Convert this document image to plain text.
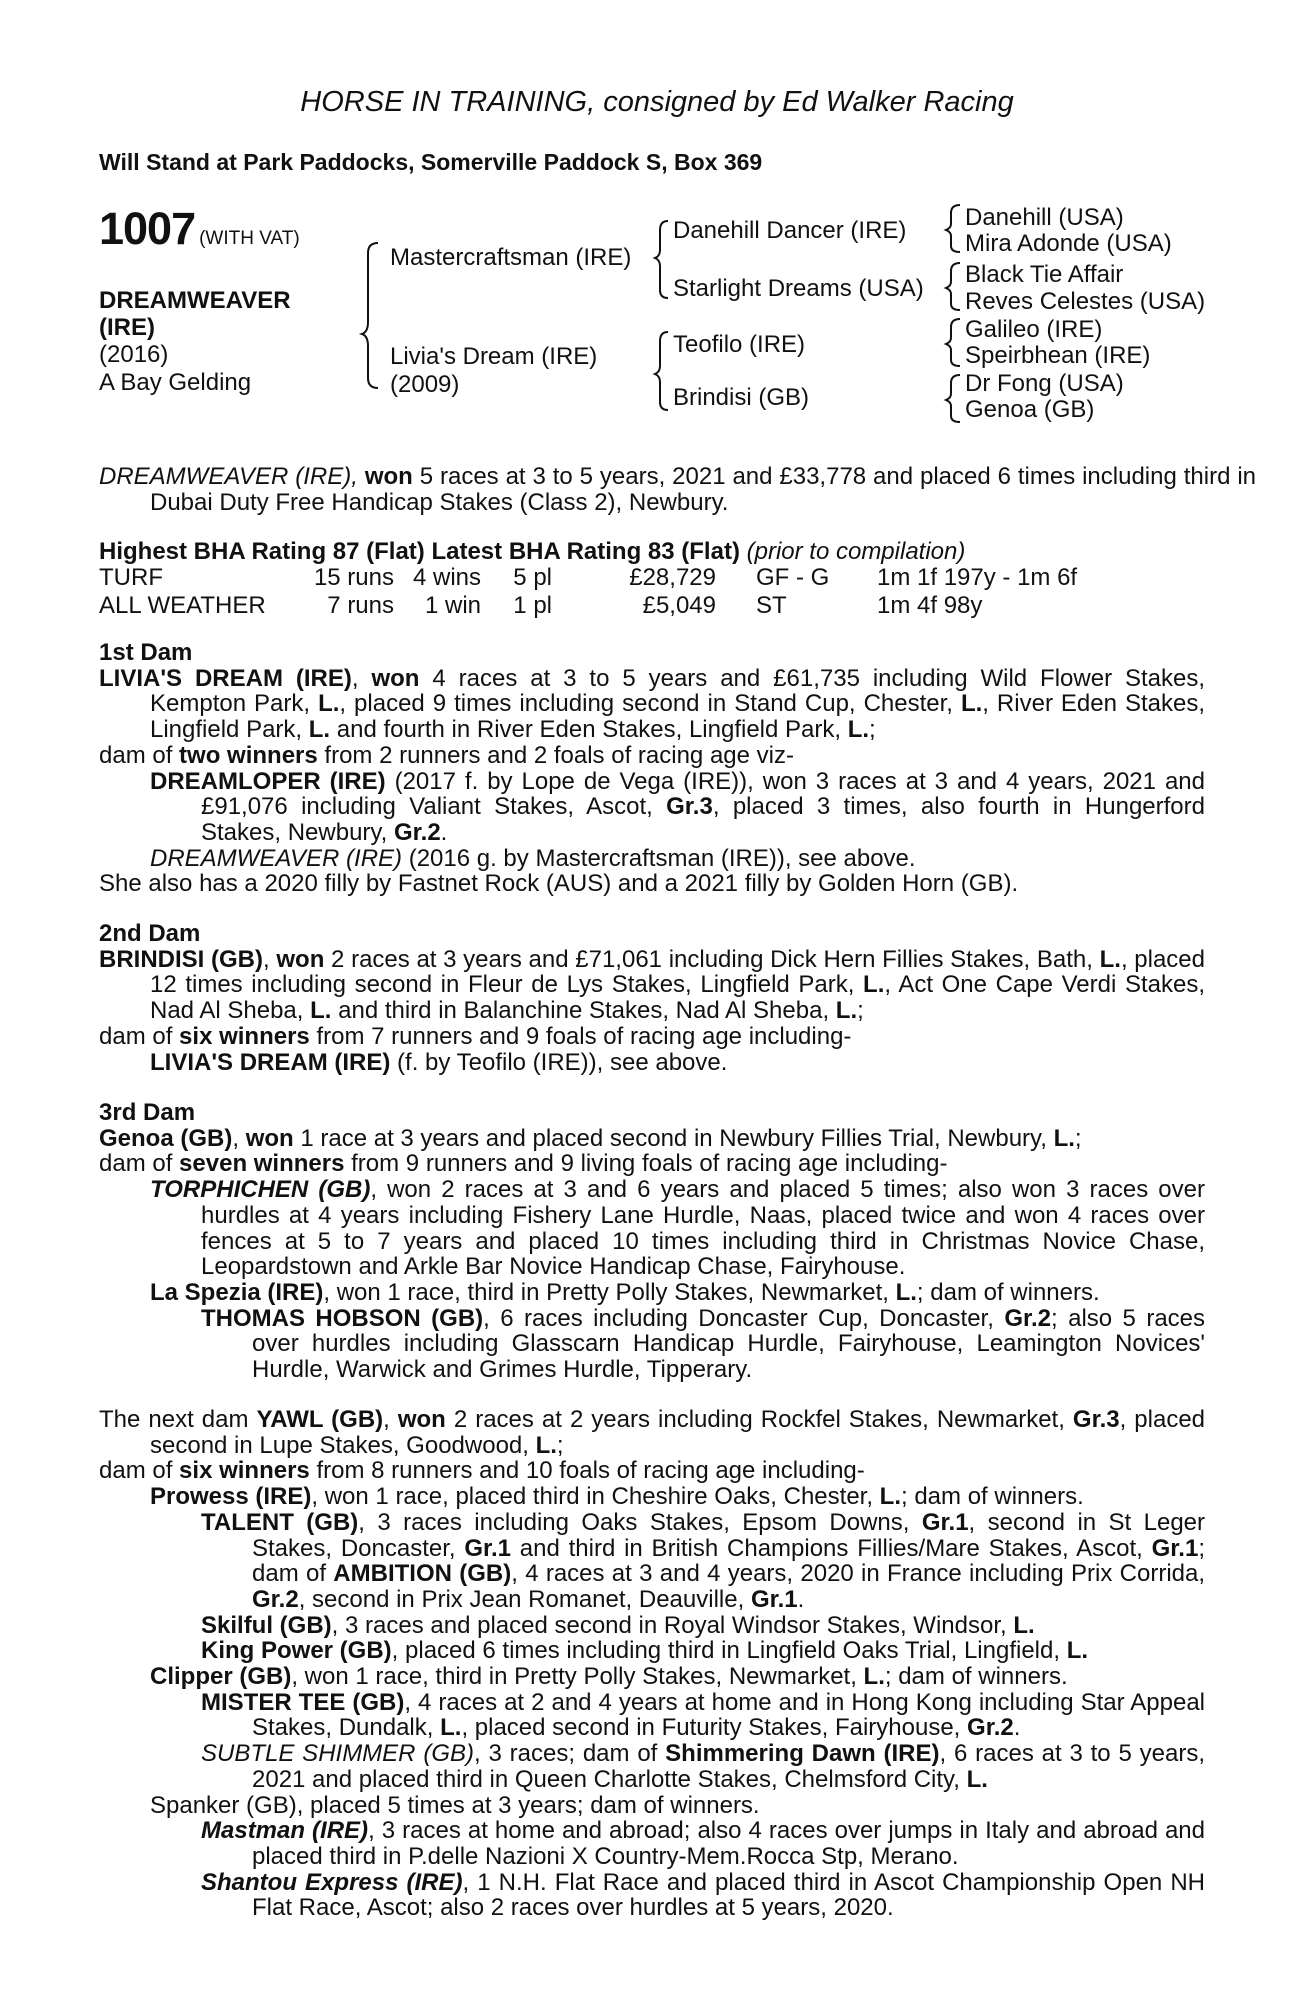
HORSE IN TRAINING, consigned by Ed Walker Racing
Will Stand at Park Paddocks, Somerville Paddock S, Box 369
1007 (WITH VAT)
DREAMWEAVER
(IRE)
(2016)
A Bay Gelding
Mastercraftsman (IRE)
Livia's Dream (IRE)
(2009)
Danehill Dancer (IRE)
Starlight Dreams (USA)
Teofilo (IRE)
Brindisi (GB)
Danehill (USA)
Mira Adonde (USA)
Black Tie Affair
Reves Celestes (USA)
Galileo (IRE)
Speirbhean (IRE)
Dr Fong (USA)
Genoa (GB)
DREAMWEAVER (IRE), won 5 races at 3 to 5 years, 2021 and £33,778 and placed 6 times including third in Dubai Duty Free Handicap Stakes (Class 2), Newbury.
Highest BHA Rating 87 (Flat) Latest BHA Rating 83 (Flat) (prior to compilation)
TURF	15 runs	4 wins	5 pl	£28,729		GF - G	1m 1f 197y - 1m 6f
ALL WEATHER	7 runs	1 win	1 pl	£5,049		ST	1m 4f 98y
1st Dam
LIVIA'S DREAM (IRE), won 4 races at 3 to 5 years and £61,735 including Wild Flower Stakes, Kempton Park, L., placed 9 times including second in Stand Cup, Chester, L., River Eden Stakes, Lingfield Park, L. and fourth in River Eden Stakes, Lingfield Park, L.;
dam of two winners from 2 runners and 2 foals of racing age viz-
DREAMLOPER (IRE) (2017 f. by Lope de Vega (IRE)), won 3 races at 3 and 4 years, 2021 and £91,076 including Valiant Stakes, Ascot, Gr.3, placed 3 times, also fourth in Hungerford Stakes, Newbury, Gr.2.
DREAMWEAVER (IRE) (2016 g. by Mastercraftsman (IRE)), see above.
She also has a 2020 filly by Fastnet Rock (AUS) and a 2021 filly by Golden Horn (GB).
2nd Dam
BRINDISI (GB), won 2 races at 3 years and £71,061 including Dick Hern Fillies Stakes, Bath, L., placed 12 times including second in Fleur de Lys Stakes, Lingfield Park, L., Act One Cape Verdi Stakes, Nad Al Sheba, L. and third in Balanchine Stakes, Nad Al Sheba, L.;
dam of six winners from 7 runners and 9 foals of racing age including-
LIVIA'S DREAM (IRE) (f. by Teofilo (IRE)), see above.
3rd Dam
Genoa (GB), won 1 race at 3 years and placed second in Newbury Fillies Trial, Newbury, L.;
dam of seven winners from 9 runners and 9 living foals of racing age including-
TORPHICHEN (GB), won 2 races at 3 and 6 years and placed 5 times; also won 3 races over hurdles at 4 years including Fishery Lane Hurdle, Naas, placed twice and won 4 races over fences at 5 to 7 years and placed 10 times including third in Christmas Novice Chase, Leopardstown and Arkle Bar Novice Handicap Chase, Fairyhouse.
La Spezia (IRE), won 1 race, third in Pretty Polly Stakes, Newmarket, L.; dam of winners.
THOMAS HOBSON (GB), 6 races including Doncaster Cup, Doncaster, Gr.2; also 5 races over hurdles including Glasscarn Handicap Hurdle, Fairyhouse, Leamington Novices' Hurdle, Warwick and Grimes Hurdle, Tipperary.
The next dam YAWL (GB), won 2 races at 2 years including Rockfel Stakes, Newmarket, Gr.3, placed second in Lupe Stakes, Goodwood, L.;
dam of six winners from 8 runners and 10 foals of racing age including-
Prowess (IRE), won 1 race, placed third in Cheshire Oaks, Chester, L.; dam of winners.
TALENT (GB), 3 races including Oaks Stakes, Epsom Downs, Gr.1, second in St Leger Stakes, Doncaster, Gr.1 and third in British Champions Fillies/Mare Stakes, Ascot, Gr.1; dam of AMBITION (GB), 4 races at 3 and 4 years, 2020 in France including Prix Corrida, Gr.2, second in Prix Jean Romanet, Deauville, Gr.1.
Skilful (GB), 3 races and placed second in Royal Windsor Stakes, Windsor, L.
King Power (GB), placed 6 times including third in Lingfield Oaks Trial, Lingfield, L.
Clipper (GB), won 1 race, third in Pretty Polly Stakes, Newmarket, L.; dam of winners.
MISTER TEE (GB), 4 races at 2 and 4 years at home and in Hong Kong including Star Appeal Stakes, Dundalk, L., placed second in Futurity Stakes, Fairyhouse, Gr.2.
SUBTLE SHIMMER (GB), 3 races; dam of Shimmering Dawn (IRE), 6 races at 3 to 5 years, 2021 and placed third in Queen Charlotte Stakes, Chelmsford City, L.
Spanker (GB), placed 5 times at 3 years; dam of winners.
Mastman (IRE), 3 races at home and abroad; also 4 races over jumps in Italy and abroad and placed third in P.delle Nazioni X Country-Mem.Rocca Stp, Merano.
Shantou Express (IRE), 1 N.H. Flat Race and placed third in Ascot Championship Open NH Flat Race, Ascot; also 2 races over hurdles at 5 years, 2020.
